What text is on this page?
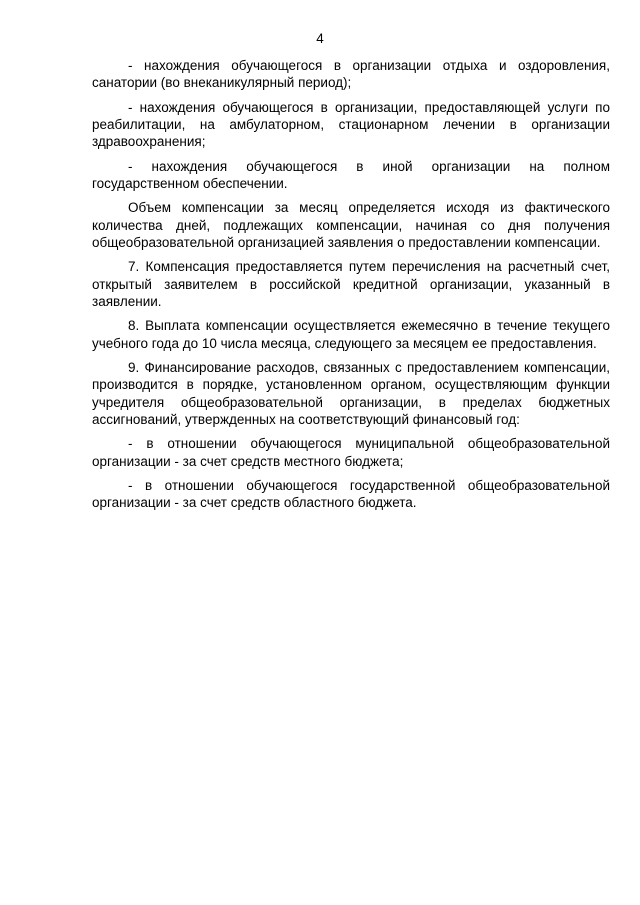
4

- нахождения обучающегося в организации отдыха и оздоровления, санатории (во внеканикулярный период);

- нахождения обучающегося в организации, предоставляющей услуги по реабилитации, на амбулаторном, стационарном лечении в организации здравоохранения;

- нахождения обучающегося в иной организации на полном государственном обеспечении.

Объем компенсации за месяц определяется исходя из фактического количества дней, подлежащих компенсации, начиная со дня получения общеобразовательной организацией заявления о предоставлении компенсации.

7. Компенсация предоставляется путем перечисления на расчетный счет, открытый заявителем в российской кредитной организации, указанный в заявлении.

8. Выплата компенсации осуществляется ежемесячно в течение текущего учебного года до 10 числа месяца, следующего за месяцем ее предоставления.

9. Финансирование расходов, связанных с предоставлением компенсации, производится в порядке, установленном органом, осуществляющим функции учредителя общеобразовательной организации, в пределах бюджетных ассигнований, утвержденных на соответствующий финансовый год:

- в отношении обучающегося муниципальной общеобразовательной организации - за счет средств местного бюджета;

- в отношении обучающегося государственной общеобразовательной организации - за счет средств областного бюджета.
